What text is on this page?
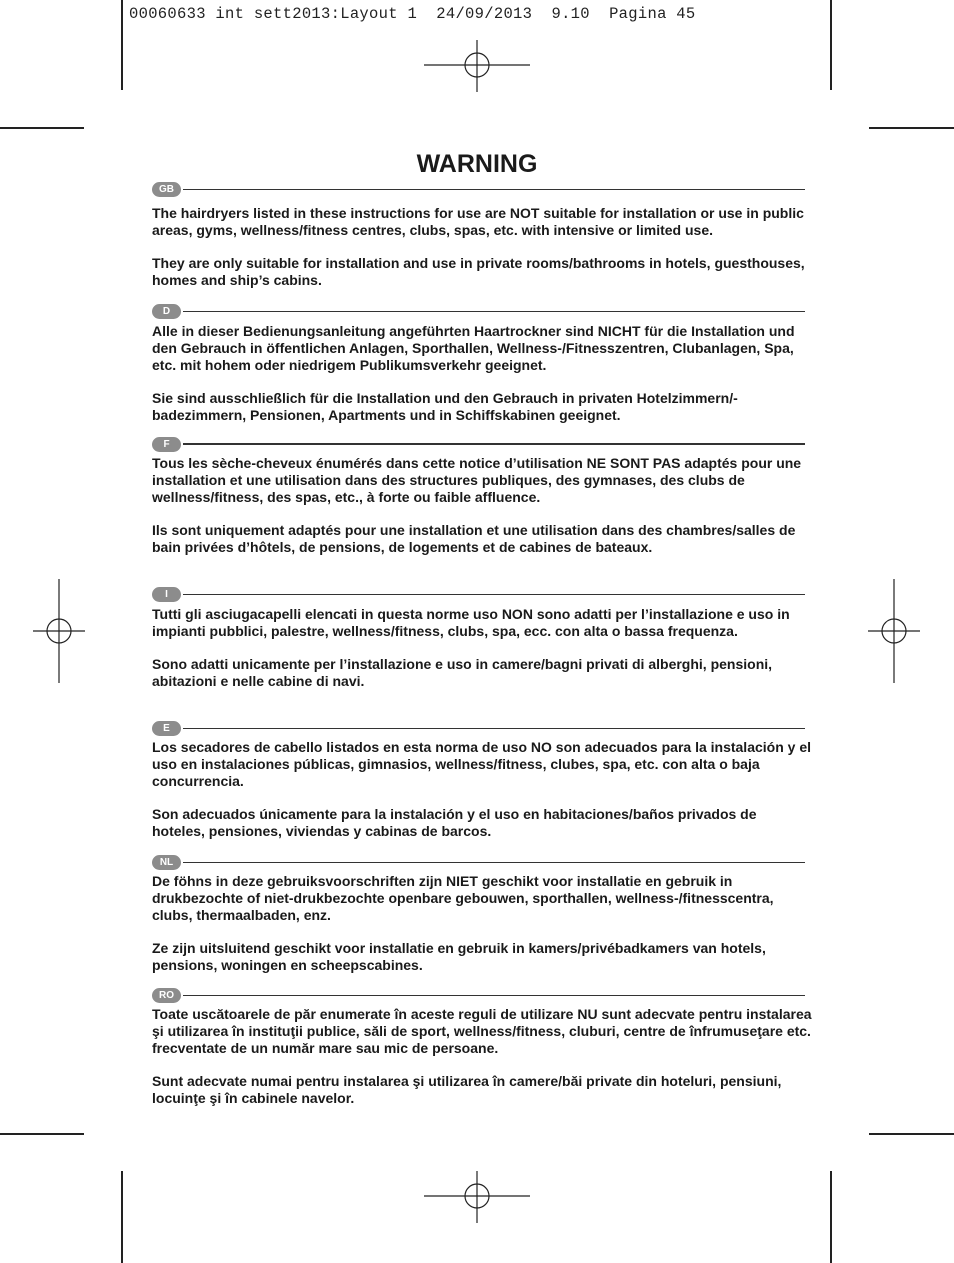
00060633 int sett2013:Layout 1  24/09/2013  9.10  Pagina 45
WARNING
GB

The hairdryers listed in these instructions for use are NOT suitable for installation or use in public areas, gyms, wellness/fitness centres, clubs, spas, etc. with intensive or limited use.

They are only suitable for installation and use in private rooms/bathrooms in hotels, guesthouses, homes and ship’s cabins.

D

Alle in dieser Bedienungsanleitung angeführten Haartrockner sind NICHT für die Installation und den Gebrauch in öffentlichen Anlagen, Sporthallen, Wellness-/Fitnesszentren, Clubanlagen, Spa, etc. mit hohem oder niedrigem Publikumsverkehr geeignet.

Sie sind ausschließlich für die Installation und den Gebrauch in privaten Hotelzimmern/-badezimmern, Pensionen, Apartments und in Schiffskabinen geeignet.

F

Tous les sèche-cheveux énumérés dans cette notice d’utilisation NE SONT PAS adaptés pour une installation et une utilisation dans des structures publiques, des gymnases, des clubs de wellness/fitness, des spas, etc., à forte ou faible affluence.

Ils sont uniquement adaptés pour une installation et une utilisation dans des chambres/salles de bain privées d’hôtels, de pensions, de logements et de cabines de bateaux.

I

Tutti gli asciugacapelli elencati in questa norme uso NON sono adatti per l’installazione e uso in impianti pubblici, palestre, wellness/fitness, clubs, spa, ecc. con alta o bassa frequenza.

Sono adatti unicamente per l’installazione e uso in camere/bagni privati di alberghi, pensioni, abitazioni e nelle cabine di navi.

E

Los secadores de cabello listados en esta norma de uso NO son adecuados para la instalación y el uso en instalaciones públicas, gimnasios, wellness/fitness, clubes, spa, etc. con alta o baja concurrencia.

Son adecuados únicamente para la instalación y el uso en habitaciones/baños privados de hoteles, pensiones, viviendas y cabinas de barcos.

NL

De föhns in deze gebruiksvoorschriften zijn NIET geschikt voor installatie en gebruik in drukbezochte of niet-drukbezochte openbare gebouwen, sporthallen, wellness-/fitnesscentra, clubs, thermaalbaden, enz.

Ze zijn uitsluitend geschikt voor installatie en gebruik in kamers/privébadkamers van hotels, pensions, woningen en scheepscabines.

RO

Toate uscătoarele de păr enumerate în aceste reguli de utilizare NU sunt adecvate pentru instalarea şi utilizarea în instituţii publice, săli de sport, wellness/fitness, cluburi, centre de înfrumuseţare etc. frecventate de un număr mare sau mic de persoane.

Sunt adecvate numai pentru instalarea şi utilizarea în camere/băi private din hoteluri, pensiuni, locuinţe şi în cabinele navelor.
